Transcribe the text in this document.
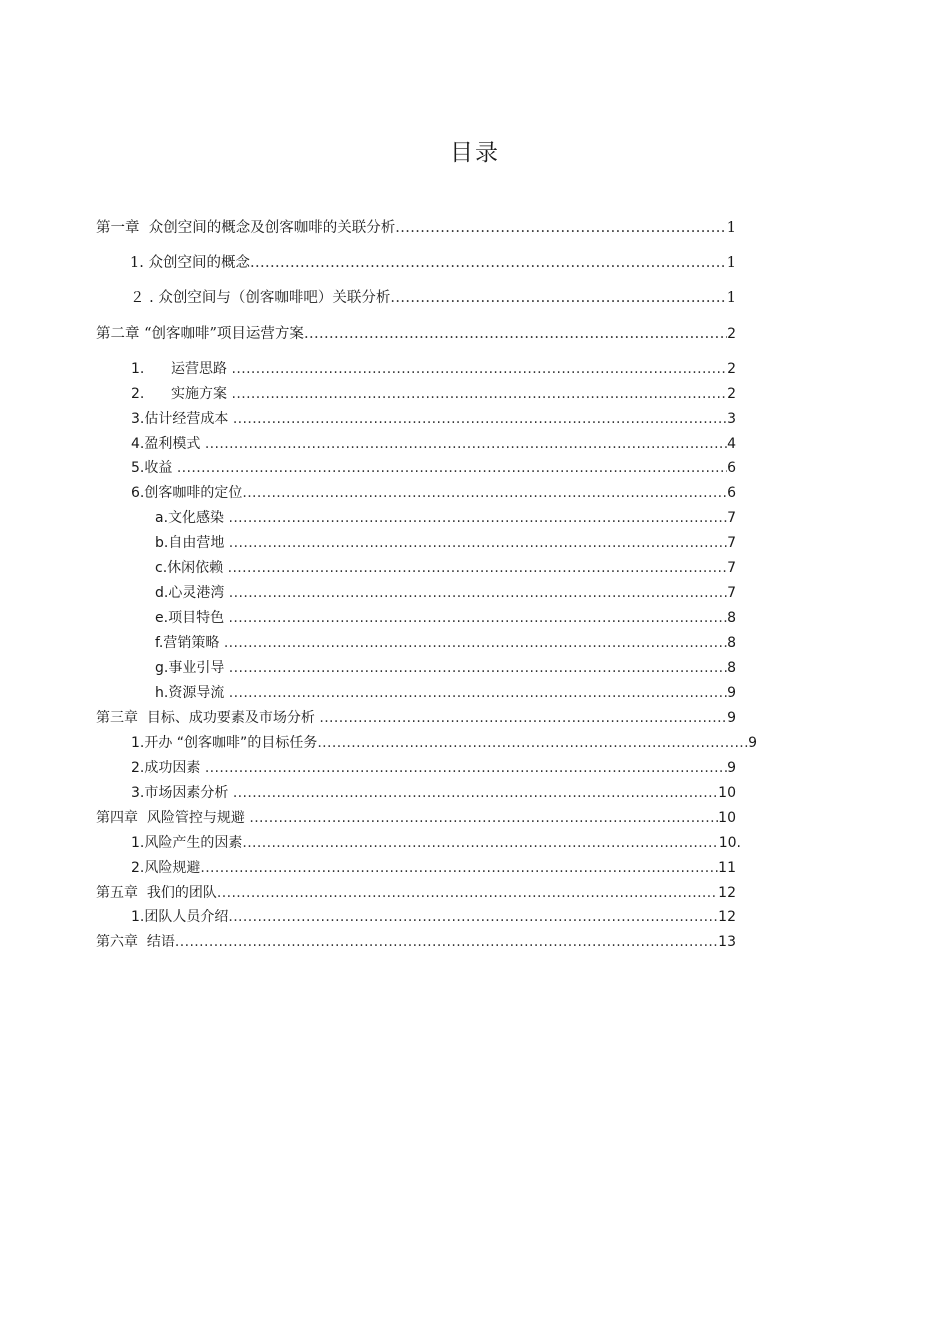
目录
第一章  众创空间的概念及创客咖啡的关联分析 .....	1
1. 众创空间的概念 .....	1
２ . 众创空间与（创客咖啡吧）关联分析 .....	1
第二章 “创客咖啡”项目运营方案 .....	2
1.      运营思路 .....	2
2.      实施方案 .....	2
3.估计经营成本 .....	3
4.盈利模式 .....	4
5.收益 .....	6
6.创客咖啡的定位 .....	6
a.文化感染 .....	7
b.自由营地 .....	7
c.休闲依赖 .....	7
d.心灵港湾 .....	7
e.项目特色 .....	8
f.营销策略 .....	8
g.事业引导 .....	8
h.资源导流 .....	9
第三章  目标、成功要素及市场分析 .....	9
1.开办 “创客咖啡”的目标任务 .....	9
2.成功因素 .....	9
3.市场因素分析 .....	10
第四章  风险管控与规避 .....	10
1.风险产生的因素 .....	10.
2.风险规避 .....	11
第五章  我们的团队 .....	12
1.团队人员介绍 .....	12
第六章  结语 .....	13
